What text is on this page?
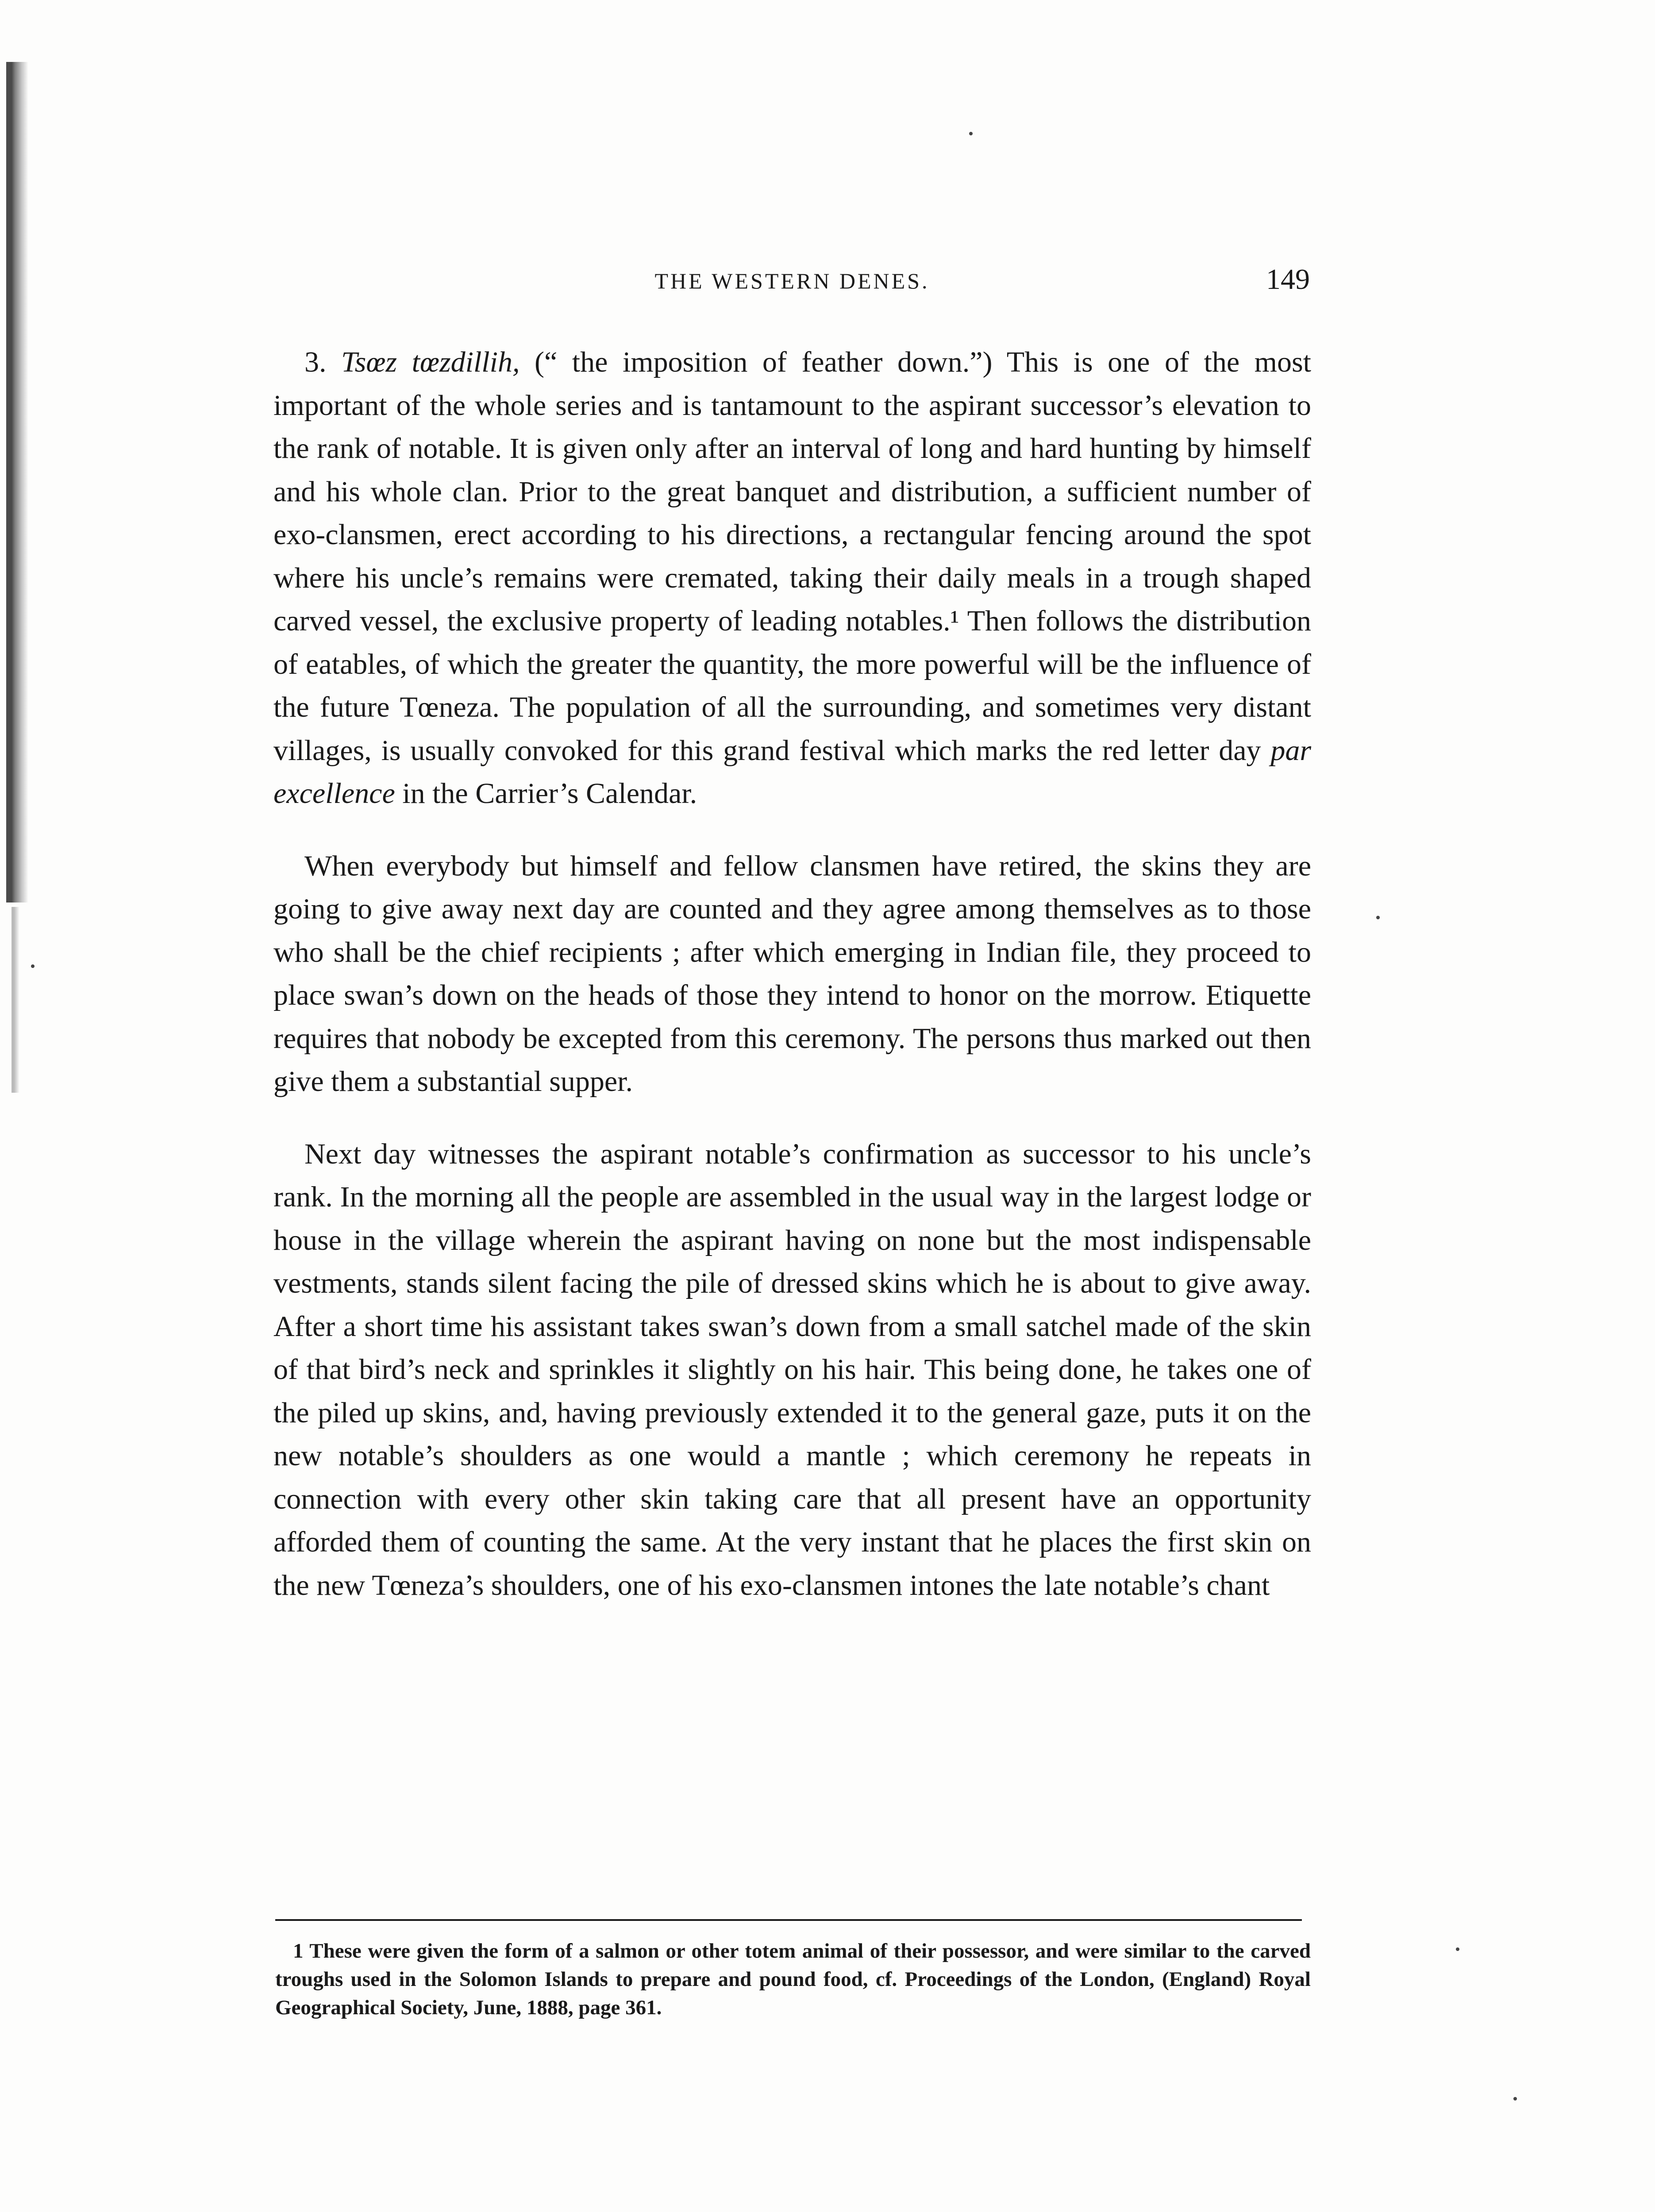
THE WESTERN DENES.	149

3. Tsœz tœzdillih, (“ the imposition of feather down.”) This is one of the most important of the whole series and is tantamount to the aspirant successor’s elevation to the rank of notable. It is given only after an interval of long and hard hunting by himself and his whole clan. Prior to the great banquet and distribution, a sufficient number of exo-clansmen, erect according to his directions, a rectangular fencing around the spot where his uncle’s remains were cremated, taking their daily meals in a trough shaped carved vessel, the exclusive property of leading notables.¹ Then follows the distribution of eatables, of which the greater the quantity, the more powerful will be the influence of the future Tœneza. The population of all the surrounding, and sometimes very distant villages, is usually convoked for this grand festival which marks the red letter day par excellence in the Carrier’s Calendar.

When everybody but himself and fellow clansmen have retired, the skins they are going to give away next day are counted and they agree among themselves as to those who shall be the chief recipients ; after which emerging in Indian file, they proceed to place swan’s down on the heads of those they intend to honor on the morrow. Etiquette requires that nobody be excepted from this ceremony. The persons thus marked out then give them a substantial supper.

Next day witnesses the aspirant notable’s confirmation as successor to his uncle’s rank. In the morning all the people are assembled in the usual way in the largest lodge or house in the village wherein the aspirant having on none but the most indispensable vestments, stands silent facing the pile of dressed skins which he is about to give away. After a short time his assistant takes swan’s down from a small satchel made of the skin of that bird’s neck and sprinkles it slightly on his hair. This being done, he takes one of the piled up skins, and, having previously extended it to the general gaze, puts it on the new notable’s shoulders as one would a mantle ; which ceremony he repeats in connection with every other skin taking care that all present have an opportunity afforded them of counting the same. At the very instant that he places the first skin on the new Tœneza’s shoulders, one of his exo-clansmen intones the late notable’s chant

1 These were given the form of a salmon or other totem animal of their possessor, and were similar to the carved troughs used in the Solomon Islands to prepare and pound food, cf. Proceedings of the London, (England) Royal Geographical Society, June, 1888, page 361.
